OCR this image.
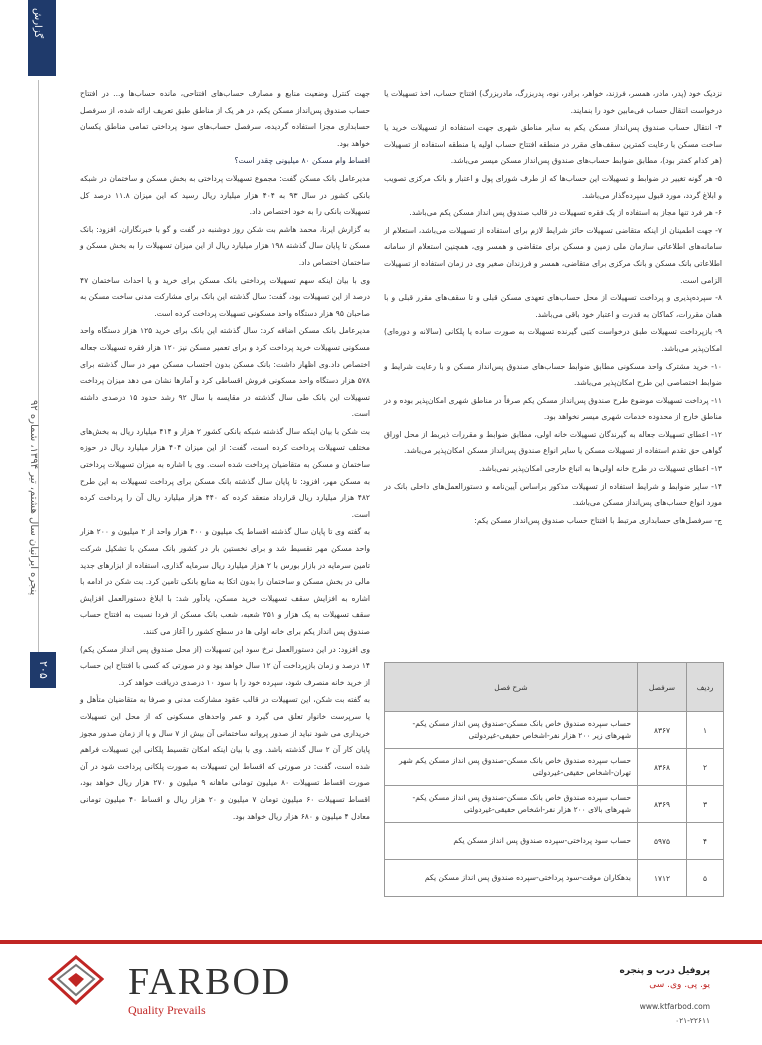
گزارش
پنجره ایرانیان سال هشتم، تیر ۱۳۹۴، شماره ۹۲
۲۰۵

نزدیک خود (پدر، مادر، همسر، فرزند، خواهر، برادر، نوه، پدربزرگ، مادربزرگ) افتتاح حساب، اخذ تسهیلات یا درخواست انتقال حساب فی‌مابین خود را بنمایند.

۴- انتقال حساب صندوق پس‌انداز مسکن یکم به سایر مناطق شهری جهت استفاده از تسهیلات خرید یا ساخت مسکن با رعایت کمترین سقف‌های مقرر در منطقه افتتاح حساب اولیه یا منطقه استفاده از تسهیلات (هر کدام کمتر بود)، مطابق ضوابط حساب‌های صندوق پس‌انداز مسکن میسر می‌باشد.

۵- هر گونه تغییر در ضوابط و تسهیلات این حساب‌ها که از طرف شورای پول و اعتبار و بانک مرکزی تصویب و ابلاغ گردد، مورد قبول سپرده‌گذار می‌باشد.

۶- هر فرد تنها مجاز به استفاده از یک فقره تسهیلات در قالب صندوق پس انداز مسکن یکم می‌باشد.

۷- جهت اطمینان از اینکه متقاضی تسهیلات حائز شرایط لازم برای استفاده از تسهیلات می‌باشد، استعلام از سامانه‌های اطلاعاتی سازمان ملی زمین و مسکن برای متقاضی و همسر وی، همچنین استعلام از سامانه اطلاعاتی بانک مسکن و بانک مرکزی برای متقاضی، همسر و فرزندان صغیر وی در زمان استفاده از تسهیلات الزامی است.

۸- سپرده‌پذیری و پرداخت تسهیلات از محل حساب‌های تعهدی مسکن قبلی و تا سقف‌های مقرر قبلی و با همان مقررات، کماکان به قدرت و اعتبار خود باقی می‌باشد.

۹- بازپرداخت تسهیلات طبق درخواست کتبی گیرنده تسهیلات به صورت ساده یا پلکانی (سالانه و دوره‌ای) امکان‌پذیر می‌باشد.

۱۰- خرید مشترک واحد مسکونی مطابق ضوابط حساب‌های صندوق پس‌انداز مسکن و با رعایت شرایط و ضوابط اختصاصی این طرح امکان‌پذیر می‌باشد.

۱۱- پرداخت تسهیلات موضوع طرح صندوق پس‌انداز مسکن یکم صرفاً در مناطق شهری امکان‌پذیر بوده و در مناطق خارج از محدوده خدمات شهری میسر نخواهد بود.

۱۲- اعطای تسهیلات جعاله به گیرندگان تسهیلات خانه اولی، مطابق ضوابط و مقررات ذیربط از محل اوراق گواهی حق تقدم استفاده از تسهیلات مسکن یا سایر انواع صندوق پس‌انداز مسکن امکان‌پذیر می‌باشد.

۱۳- اعطای تسهیلات در طرح خانه اولی‌ها به اتباع خارجی امکان‌پذیر نمی‌باشد.

۱۴- سایر ضوابط و شرایط استفاده از تسهیلات مذکور براساس آیین‌نامه و دستورالعمل‌های داخلی بانک در مورد انواع حساب‌های پس‌انداز مسکن می‌باشد.

ج- سرفصل‌های حسابداری مرتبط با افتتاح حساب صندوق پس‌انداز مسکن یکم:

ردیف	سرفصل	شرح فصل
۱	۸۳۶۷	حساب سپرده صندوق خاص بانک مسکن-صندوق پس انداز مسکن یکم-شهرهای زیر ۲۰۰ هزار نفر-اشخاص حقیقی-غیردولتی
۲	۸۳۶۸	حساب سپرده صندوق خاص بانک مسکن-صندوق پس انداز مسکن یکم شهر تهران-اشخاص حقیقی-غیردولتی
۳	۸۳۶۹	حساب سپرده صندوق خاص بانک مسکن-صندوق پس انداز مسکن یکم-شهرهای بالای ۲۰۰ هزار نفر-اشخاص حقیقی-غیردولتی
۴	۵۹۷۵	حساب سود پرداختی-سپرده صندوق پس انداز مسکن یکم
۵	۱۷۱۲	بدهکاران موقت-سود پرداختی-سپرده صندوق پس انداز مسکن یکم

جهت کنترل وضعیت منابع و مصارف حساب‌های افتتاحی، مانده حساب‌ها و... در افتتاح حساب صندوق پس‌انداز مسکن یکم، در هر یک از مناطق طبق تعریف ارائه شده، از سرفصل حسابداری مجزا استفاده گردیده، سرفصل حساب‌های سود پرداختی تمامی مناطق یکسان خواهد بود.

اقساط وام مسکن ۸۰ میلیونی چقدر است؟

مدیرعامل بانک مسکن گفت: مجموع تسهیلات پرداختی به بخش مسکن و ساختمان در شبکه بانکی کشور در سال ۹۳ به ۴۰۴ هزار میلیارد ریال رسید که این میزان ۱۱.۸ درصد کل تسهیلات بانکی را به خود اختصاص داد.

به گزارش ایرنا، محمد هاشم بت شکن روز دوشنبه در گفت و گو با خبرنگاران، افزود: بانک مسکن تا پایان سال گذشته ۱۹۸ هزار میلیارد ریال از این میزان تسهیلات را به بخش مسکن و ساختمان اختصاص داد.

وی با بیان اینکه سهم تسهیلات پرداختی بانک مسکن برای خرید و یا احداث ساختمان ۴۷ درصد از این تسهیلات بود، گفت: سال گذشته این بانک برای مشارکت مدنی ساخت مسکن به صاحبان ۹۵ هزار دستگاه واحد مسکونی تسهیلات پرداخت کرده است.

مدیرعامل بانک مسکن اضافه کرد: سال گذشته این بانک برای خرید ۱۲۵ هزار دستگاه واحد مسکونی تسهیلات خرید پرداخت کرد و برای تعمیر مسکن نیز ۱۲۰ هزار فقره تسهیلات جعاله اختصاص داد.وی اظهار داشت: بانک مسکن بدون احتساب مسکن مهر در سال گذشته برای ۵۷۸ هزار دستگاه واحد مسکونی فروش اقساطی کرد و آمارها نشان می دهد میزان پرداخت تسهیلات این بانک طی سال گذشته در مقایسه با سال ۹۲ رشد حدود ۱۵ درصدی داشته است.

بت شکن با بیان اینکه سال گذشته شبکه بانکی کشور ۲ هزار و ۴۱۴ میلیارد ریال به بخش‌های مختلف تسهیلات پرداخت کرده است، گفت: از این میزان ۴۰۴ هزار میلیارد ریال در حوزه ساختمان و مسکن به متقاضیان پرداخت شده است. وی با اشاره به میزان تسهیلات پرداختی به مسکن مهر، افزود: تا پایان سال گذشته بانک مسکن برای پرداخت تسهیلات به این طرح ۴۸۲ هزار میلیارد ریال قرارداد منعقد کرده که ۴۴۰ هزار میلیارد ریال آن را پرداخت کرده است.

به گفته وی تا پایان سال گذشته اقساط یک میلیون و ۴۰۰ هزار واحد از ۲ میلیون و ۲۰۰ هزار واحد مسکن مهر تقسیط شد و برای نخستین بار در کشور بانک مسکن با تشکیل شرکت تامین سرمایه در بازار بورس با ۲ هزار میلیارد ریال سرمایه گذاری، استفاده از ابزارهای جدید مالی در بخش مسکن و ساختمان را بدون اتکا به منابع بانکی تامین کرد. بت شکن در ادامه با اشاره به افزایش سقف تسهیلات خرید مسکن، یادآور شد: با ابلاغ دستورالعمل افزایش سقف تسهیلات به یک هزار و ۲۵۱ شعبه، شعب بانک مسکن از فردا نسبت به افتتاح حساب صندوق پس انداز یکم برای خانه اولی ها در سطح کشور را آغاز می کنند.

وی افزود: در این دستورالعمل نرخ سود این تسهیلات (از محل صندوق پس انداز مسکن یکم) ۱۴ درصد و زمان بازپرداخت آن ۱۲ سال خواهد بود و در صورتی که کسی با افتتاح این حساب از خرید خانه منصرف شود، سپرده خود را با سود ۱۰ درصدی دریافت خواهد کرد.

به گفته بت شکن، این تسهیلات در قالب عقود مشارکت مدنی و صرفا به متقاضیان متأهل و یا سرپرست خانوار تعلق می گیرد و عمر واحدهای مسکونی که از محل این تسهیلات خریداری می شود نباید از صدور پروانه ساختمانی آن بیش از ۷ سال و یا از زمان صدور مجوز پایان کار آن ۲ سال گذشته باشد. وی با بیان اینکه امکان تقسیط پلکانی این تسهیلات فراهم شده است، گفت: در صورتی که اقساط این تسهیلات به صورت پلکانی پرداخت شود در آن صورت اقساط تسهیلات ۸۰ میلیون تومانی ماهانه ۹ میلیون و ۲۷۰ هزار ریال خواهد بود، اقساط تسهیلات ۶۰ میلیون تومان ۷ میلیون و ۲۰ هزار ریال و اقساط ۴۰ میلیون تومانی معادل ۴ میلیون و ۶۸۰ هزار ریال خواهد بود.

FARBOD
Quality Prevails
پروفیل درب و پنجره
یو. پی. وی. سی
www.ktfarbod.com
۰۲۱-۲۲۶۱۱
